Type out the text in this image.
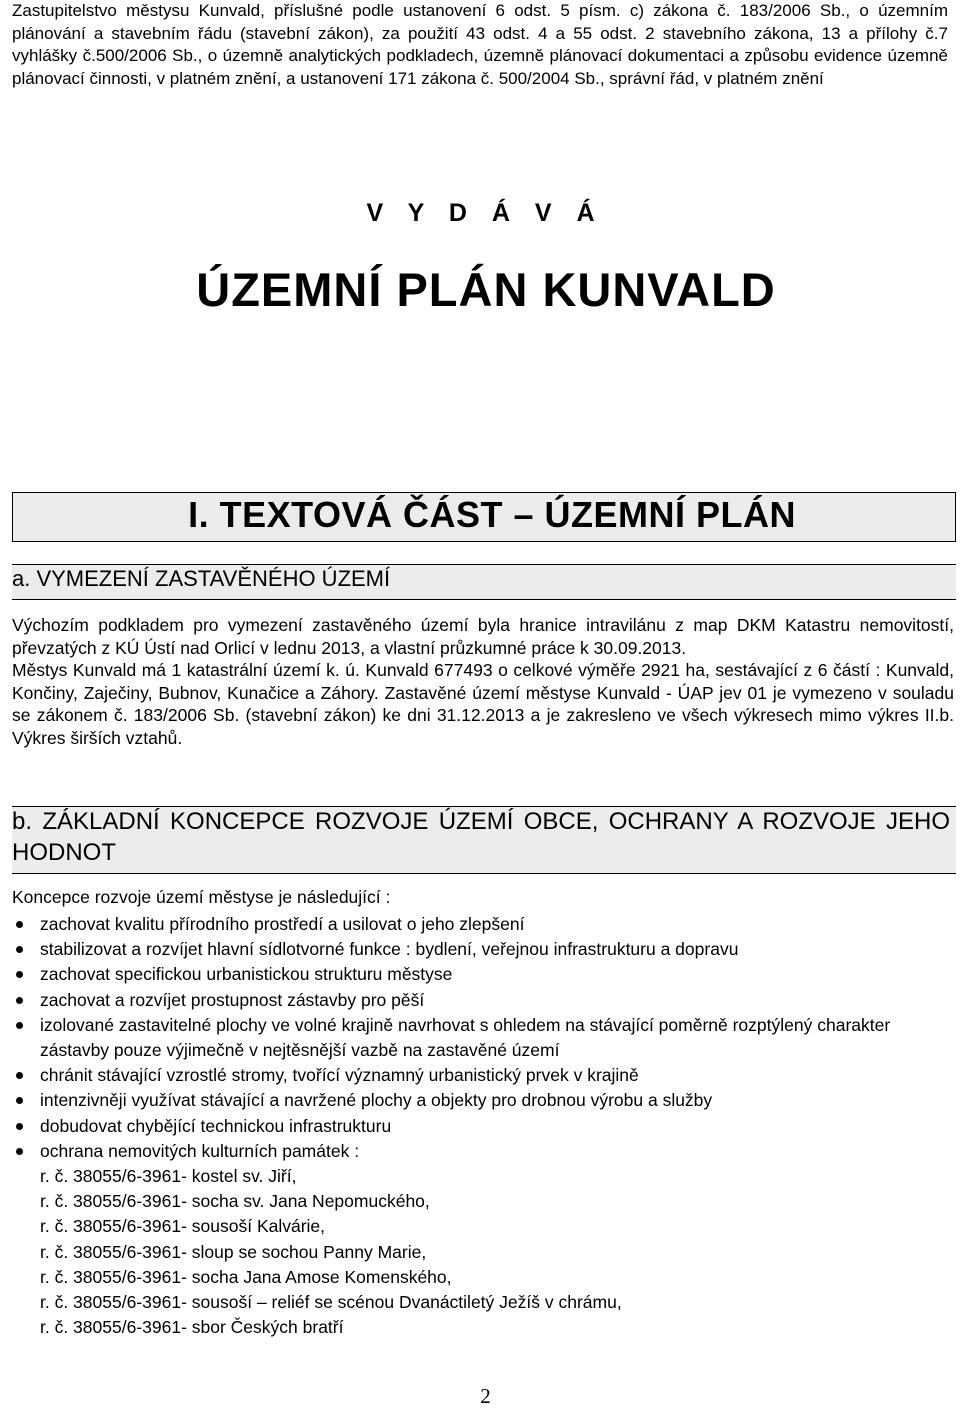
Zastupitelstvo městysu Kunvald, příslušné podle ustanovení 6 odst. 5 písm. c) zákona č. 183/2006 Sb., o územním plánování a stavebním řádu (stavební zákon), za použití 43 odst. 4 a 55 odst. 2 stavebního zákona, 13 a přílohy č.7 vyhlášky č.500/2006 Sb., o územně analytických podkladech, územně plánovací dokumentaci a způsobu evidence územně plánovací činnosti, v platném znění, a ustanovení 171 zákona č. 500/2004 Sb., správní řád, v platném znění
V Y D Á V Á
ÚZEMNÍ PLÁN KUNVALD
I. TEXTOVÁ ČÁST – ÚZEMNÍ PLÁN
a. VYMEZENÍ ZASTAVĚNÉHO ÚZEMÍ
Výchozím podkladem pro vymezení zastavěného území byla hranice intravilánu z map DKM Katastru nemovitostí, převzatých z KÚ Ústí nad Orlicí v lednu 2013, a vlastní průzkumné práce k 30.09.2013.
Městys Kunvald má 1 katastrální území k. ú. Kunvald 677493 o celkové výměře 2921 ha, sestávající z 6 částí : Kunvald, Končiny, Zaječiny, Bubnov, Kunačice a Záhory. Zastavěné území městyse Kunvald - ÚAP jev 01 je vymezeno v souladu se zákonem č. 183/2006 Sb. (stavební zákon) ke dni 31.12.2013 a je zakresleno ve všech výkresech mimo výkres II.b. Výkres širších vztahů.
b. ZÁKLADNÍ KONCEPCE ROZVOJE ÚZEMÍ OBCE, OCHRANY A ROZVOJE JEHO HODNOT
Koncepce rozvoje území městyse je následující :
zachovat kvalitu přírodního prostředí a usilovat o jeho zlepšení
stabilizovat a rozvíjet hlavní sídlotvorné funkce : bydlení, veřejnou infrastrukturu a dopravu
zachovat specifickou urbanistickou strukturu městyse
zachovat a rozvíjet prostupnost zástavby pro pěší
izolované zastavitelné plochy ve volné krajině navrhovat s ohledem na stávající poměrně rozptýlený charakter zástavby pouze výjimečně v nejtěsnější vazbě na zastavěné území
chránit stávající vzrostlé stromy, tvořící významný urbanistický prvek v krajině
intenzivněji využívat stávající a navržené plochy a objekty pro drobnou výrobu a služby
dobudovat chybějící technickou infrastrukturu
ochrana nemovitých kulturních památek :
r. č. 38055/6-3961- kostel sv. Jiří,
r. č. 38055/6-3961- socha sv. Jana Nepomuckého,
r. č. 38055/6-3961- sousoší Kalvárie,
r. č. 38055/6-3961- sloup se sochou Panny Marie,
r. č. 38055/6-3961- socha Jana Amose Komenského,
r. č. 38055/6-3961- sousoší – reliéf se scénou Dvanáctiletý Ježíš v chrámu,
r. č. 38055/6-3961- sbor Českých bratří
2
